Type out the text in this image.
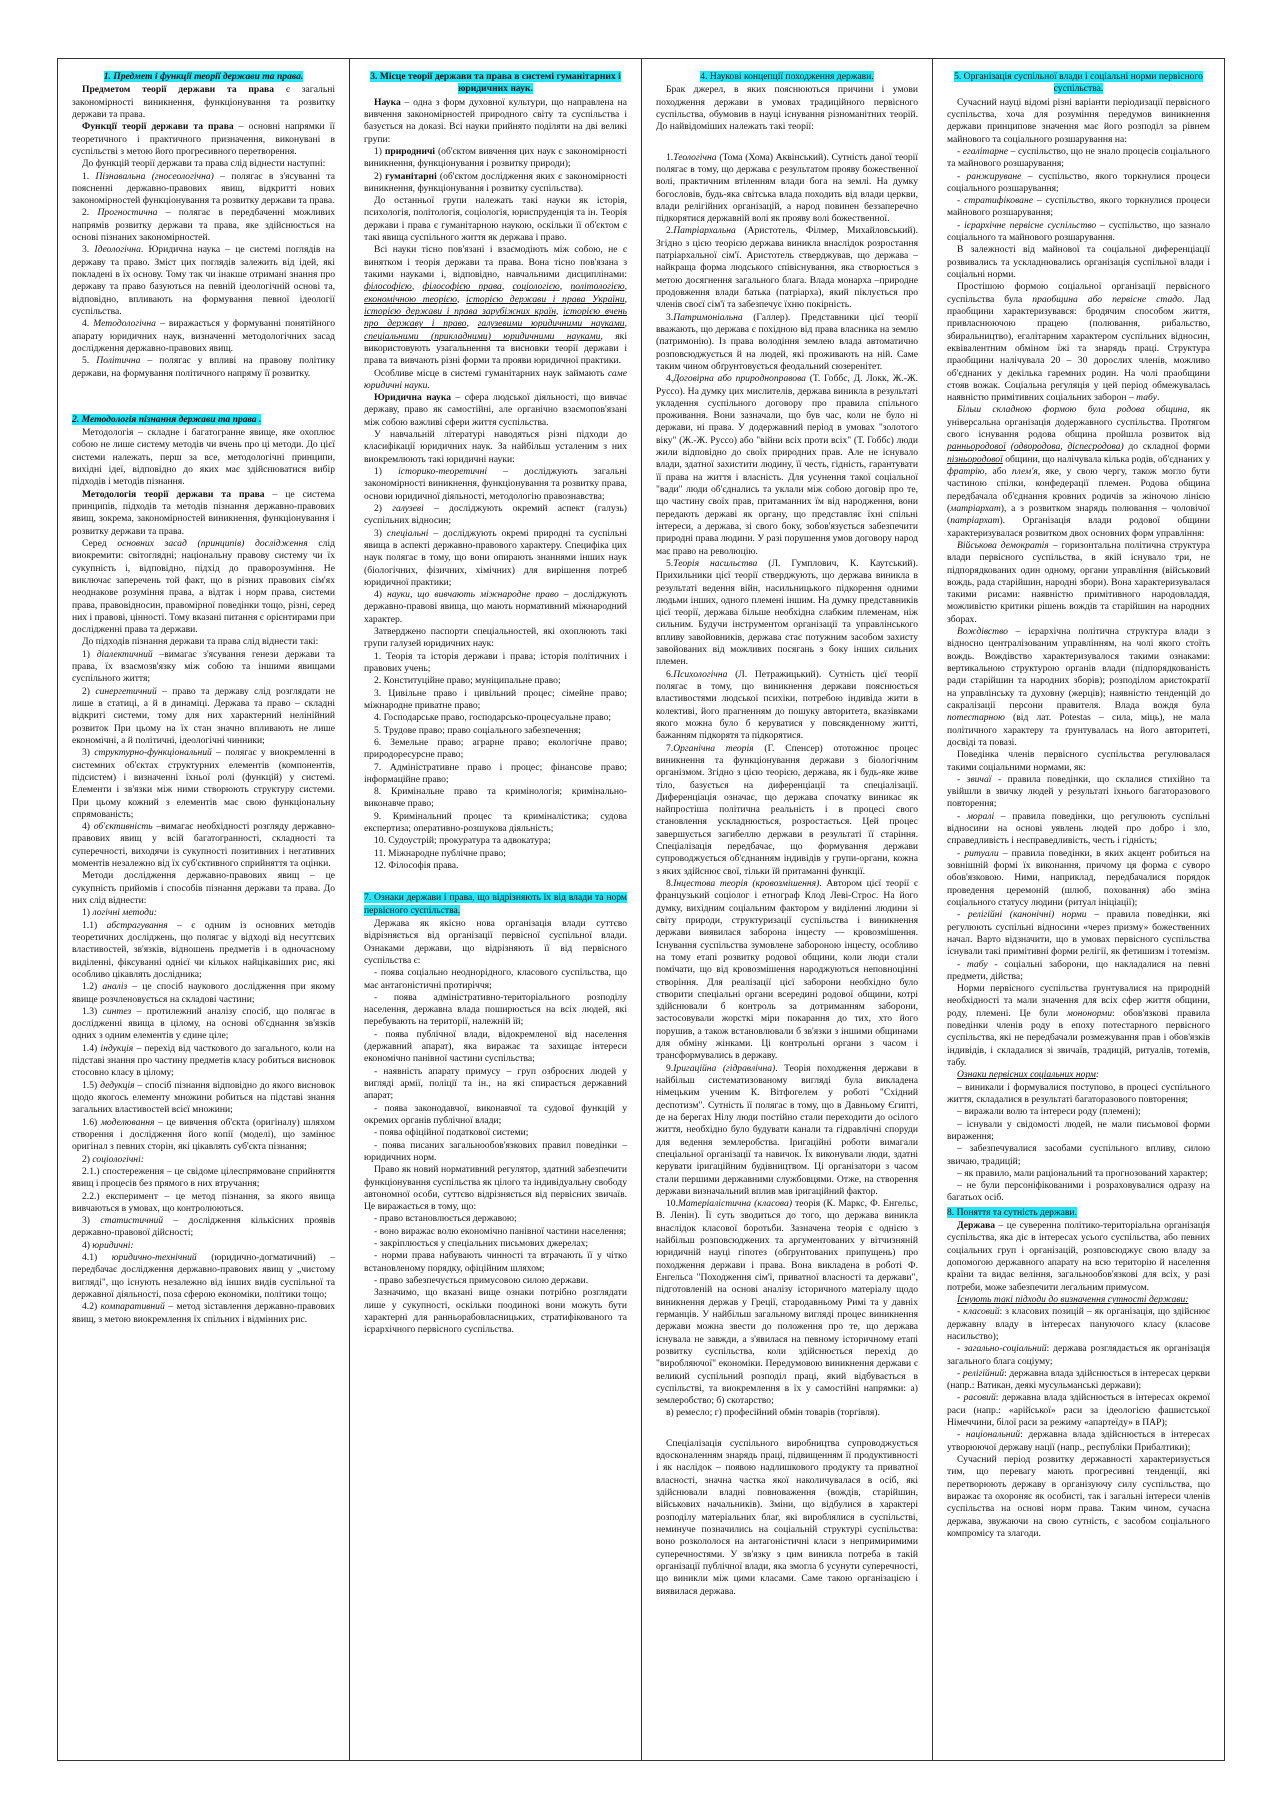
1. Предмет і функції теорії держави та права.

Предметом теорії держави та права є загальні закономірності виникнення, функціонування та розвитку держави та права.

Функції теорії держави та права – основні напрямки її теоретичного і практичного призначення, виконувані в суспільстві з метою його прогресивного перетворення.

До функцій теорії держави та права слід віднести наступні:

1. Пізнавальна (гносеологічна) – полягає в з'ясуванні та поясненні державно-правових явищ, відкритті нових закономірностей функціонування та розвитку держави та права.

2. Прогностична – полягає в передбаченні можливих напрямів розвитку держави та права, яке здійснюється на основі пізнаних закономірностей.

3. Ідеологічна. Юридична наука – це системі поглядів на державу та право. Зміст цих поглядів залежить від ідей, які покладені в їх основу. Тому так чи інакше отримані знання про державу та право базуються на певній ідеологічній основі та, відповідно, впливають на формування певної ідеології суспільства.

4. Методологічна – виражається у формуванні понятійного апарату юридичних наук, визначенні методологічних засад дослідження державно-правових явищ.

5. Політична – полягає у впливі на правову політику держави, на формування політичного напряму її розвитку.

2. Методологія пізнання держави та права .

Методологія – складне і багатогранне явище, яке охоплює собою не лише систему методів чи вчень про ці методи. До цієї системи належать, перш за все, методологічні принципи, вихідні ідеї, відповідно до яких має здійснюватися вибір підходів і методів пізнання.

Методологія теорії держави та права – це система принципів, підходів та методів пізнання державно-правових явищ, зокрема, закономірностей виникнення, функціонування і розвитку держави та права.

Серед основних засад (принципів) дослідження слід виокремити: світоглядні; національну правову систему чи їх сукупність і, відповідно, підхід до праворозуміння. Не виключає заперечень той факт, що в різних правових сім'ях неоднакове розуміння права, а відтак і норм права, системи права, правовідносин, правомірної поведінки тощо, різні, серед них і правові, цінності. Тому вказані питання є орієнтирами при дослідженні права та держави.

До підходів пізнання держави та права слід віднести такі:

1) діалектичний –вимагає з'ясування генези держави та права, їх взаємозв'язку між собою та іншими явищами суспільного життя;

2) синергетичний – право та державу слід розглядати не лише в статиці, а й в динаміці. Держава та право – складні відкриті системи, тому для них характерний нелінійний розвиток При цьому на їх стан значно впливають не лише економічні, а й політичні, ідеологічні чинники;

3) структурно-функціональний – полягає у виокремленні в системних об'єктах структурних елементів (компонентів, підсистем) і визначенні їхньої ролі (функцій) у системі. Елементи і зв'язки між ними створюють структуру системи. При цьому кожний з елементів має свою функціональну спрямованість;

4) об'єктивність –вимагає необхідності розгляду державно-правових явищ у всій багатогранності, складності та суперечності, виходячи із сукупності позитивних і негативних моментів незалежно від їх суб'єктивного сприйняття та оцінки.

Методи дослідження державно-правових явищ – це сукупність прийомів і способів пізнання держави та права. До них слід віднести:

1) логічні методи:

1.1) абстрагування – є одним із основних методів теоретичних досліджень, що полягає у відході від несуттєвих властивостей, зв'язків, відношень предметів і в одночасному виділенні, фіксуванні однієї чи кількох найцікавіших рис, які особливо цікавлять дослідника;

1.2) аналіз – це спосіб наукового дослідження при якому явище розчленовується на складові частини;

1.3) синтез – протилежний аналізу спосіб, що полягає в дослідженні явища в цілому, на основі об'єднання зв'язків одних з одним елементів у єдине ціле;

1.4) індукція – перехід від часткового до загального, коли на підставі знання про частину предметів класу робиться висновок стосовно класу в цілому;

1.5) дедукція – спосіб пізнання відповідно до якого висновок щодо якогось елементу множини робиться на підставі знання загальних властивостей всієї множини;

1.6) моделювання – це вивчення об'єкта (оригіналу) шляхом створення і дослідження його копії (моделі), що замінює оригінал з певних сторін, які цікавлять суб'єкта пізнання;

2) соціологічні:

2.1.) спостереження – це свідоме цілеспрямоване сприйняття явищ і процесів без прямого в них втручання;

2.2.) експеримент – це метод пізнання, за якого явища вивчаються в умовах, що контролюються.

3) статистичний – дослідження кількісних проявів державно-правової дійсності;

4) юридичні:

4.1) юридично-технічний (юридично-догматичний) – передбачає дослідження державно-правових явищ у „чистому вигляді", що існують незалежно від інших видів суспільної та державної діяльності, поза сферою економіки, політики тощо;

4.2) компаративний – метод зіставлення державно-правових явищ, з метою виокремлення їх спільних і відмінних рис.

3. Місце теорії держави та права в системі гуманітарних і юридичних наук.

Наука – одна з форм духовної культури, що направлена на вивчення закономірностей природного світу та суспільства і базується на доказі. Всі науки прийнято поділяти на дві великі групи:

1) природничі (об'єктом вивчення цих наук є закономірності виникнення, функціонування і розвитку природи);

2) гуманітарні (об'єктом дослідження яких є закономірності виникнення, функціонування і розвитку суспільства).

До останньої групи належать такі науки як історія, психологія, політологія, соціологія, юриспруденція та ін. Теорія держави і права є гуманітарною наукою, оскільки її об'єктом є такі явища суспільного життя як держава і право.

Всі науки тісно пов'язані і взаємодіють між собою, не є винятком і теорія держави та права. Вона тісно пов'язана з такими науками і, відповідно, навчальними дисциплінами: філософією, філософією права, соціологією, політологією, економічною теорією, історією держави і права України, історією держави і права зарубіжних країн, історією вчень про державу і право, галузевими юридичними науками, спеціальними (прикладними) юридичними науками, які використовують узагальнення та висновки теорії держави і права та вивчають різні форми та прояви юридичної практики.

Особливе місце в системі гуманітарних наук займають саме юридичні науки.

Юридична наука – сфера людської діяльності, що вивчає державу, право як самостійні, але органічно взаємопов'язані між собою важливі сфери життя суспільства.

У навчальній літературі наводяться різні підходи до класифікації юридичних наук. За найбільш усталеним з них виокремлюють такі юридичні науки:

1) історико-теоретичні – досліджують загальні закономірності виникнення, функціонування та розвитку права, основи юридичної діяльності, методологію правознавства;

2) галузеві – досліджують окремий аспект (галузь) суспільних відносин;

3) спеціальні – досліджують окремі природні та суспільні явища в аспекті державно-правового характеру. Специфіка цих наук полягає в тому, що вони опирають знаннями інших наук (біологічних, фізичних, хімічних) для вирішення потреб юридичної практики;

4) науки, що вивчають міжнародне право – досліджують державно-правові явища, що мають нормативний міжнародний характер.

Затверджено паспорти спеціальностей, які охоплюють такі групи галузей юридичних наук:

1. Теорія та історія держави і права; історія політичних і правових учень;

2. Конституційне право; муніципальне право;

3. Цивільне право і цивільний процес; сімейне право; міжнародне приватне право;

4. Господарське право, господарсько-процесуальне право;

5. Трудове право; право соціального забезпечення;

6. Земельне право; аграрне право; екологічне право; природоресурсне право;

7. Адміністративне право і процес; фінансове право; інформаційне право;

8. Кримінальне право та кримінологія; кримінально-виконавче право;

9. Кримінальний процес та криміналістика; судова експертиза; оперативно-розшукова діяльність;

10. Судоустрій; прокуратура та адвокатура;

11. Міжнародне публічне право;

12. Філософія права.

7. Ознаки держави і права, що відрізняють їх від влади та норм первісного суспільства.

Держава як якісно нова організація влади суттєво відрізняється від організації первісної суспільної влади. Ознаками держави, що відрізняють її від первісного суспільства є:

- поява соціально неоднорідного, класового суспільства, що має антагоністичні протиріччя;

- поява адміністративно-територіального розподілу населення, державна влада поширюється на всіх людей, які перебувають на території, належній їй;

- поява публічної влади, відокремленої від населення (державний апарат), яка виражає та захищає інтереси економічно панівної частини суспільства;

- наявність апарату примусу – груп озброєних людей у вигляді армії, поліції та ін., на які спирається державний апарат;

- поява законодавчої, виконавчої та судової функцій у окремих органів публічної влади;

- поява офіційної податкової системи;

- поява писаних загальнообов'язкових правил поведінки – юридичних норм.

Право як новий нормативний регулятор, здатний забезпечити функціонування суспільства як цілого та індивідуальну свободу автономної особи, суттєво відрізняється від первісних звичаїв. Це виражається в тому, що:

- право встановлюється державою;

- воно виражає волю економічно панівної частини населення;

- закріплюється у спеціальних письмових джерелах;

- норми права набувають чинності та втрачають її у чітко встановленому порядку, офіційним шляхом;

- право забезпечується примусовою силою держави.

Зазначимо, що вказані вище ознаки потрібно розглядати лише у сукупності, оскільки поодинокі вони можуть бути характерні для ранньорабовласницьких, стратифікованого та ієрархічного первісного суспільства.

4. Наукові концепції походження держави.

Брак джерел, в яких пояснюються причини і умови походження держави в умовах традиційного первісного суспільства, обумовив в науці існування різноманітних теорій. До найвідоміших належать такі теорії:

1.Теологічна (Тома (Хома) Аквінський). Сутність даної теорії полягає в тому, що держава є результатом прояву божественної волі, практичним втіленням влади бога на землі. На думку богословів, будь-яка світська влада походить від влади церкви, влади релігійних організацій, а народ повинен беззаперечно підкорятися державній волі як прояву волі божественної.

2.Патріархальна (Аристотель, Філмер, Михайловський). Згідно з цією теорією держава виникла внаслідок розростання патріархальної сім'ї. Аристотель стверджував, що держава – найкраща форма людського співіснування, яка створюється з метою досягнення загального блага. Влада монарха –природне продовження влади батька (патріарха), який піклується про членів своєї сім'ї та забезпечує їхню покірність.

3.Патримоніальна (Галлер). Представники цієї теорії вважають, що держава є похідною від права власника на землю (патримонію). Із права володіння землею влада автоматично розповсюджується й на людей, які проживають на ній. Саме таким чином обґрунтовується феодальний сюзеренітет.

4.Договірна або природноправова (Т. Гоббс, Д. Локк, Ж.-Ж. Руссо). На думку цих мислителів, держава виникла в результаті укладення суспільного договору про правила спільного проживання. Вони зазначали, що був час, коли не було ні держави, ні права. У додержавний період в умовах "золотого віку" (Ж.-Ж. Руссо) або "війни всіх проти всіх" (Т. Гоббс) люди жили відповідно до своїх природних прав. Але не існувало влади, здатної захистити людину, її честь, гідність, гарантувати її права на життя і власність. Для усунення такої соціальної "вади" люди об'єднались та уклали між собою договір про те, що частину своїх прав, притаманних їм від народження, вони передають державі як органу, що представляє їхні спільні інтереси, а держава, зі свого боку, зобов'язується забезпечити природні права людини. У разі порушення умов договору народ має право на революцію.

5.Теорія насильства (Л. Гумплович, К. Каутський). Прихильники цієї теорії стверджують, що держава виникла в результаті ведення війн, насильницького підкорення одними людьми інших, одного племені іншим. На думку представників цієї теорії, держава більше необхідна слабким племенам, ніж сильним. Будучи інструментом організації та управлінського впливу завойовників, держава стає потужним засобом захисту завойованих від можливих посягань з боку інших сильних племен.

6.Психологічна (Л. Петражицький). Сутність цієї теорії полягає в тому, що виникнення держави пояснюється властивостями людської психіки, потребою індивіда жити в колективі, його прагненням до пошуку авторитета, вказівками якого можна було б керуватися у повсякденному житті, бажанням підкорятя та підкорятися.

7.Органічна теорія (Г. Спенсер) ототожнює процес виникнення та функціонування держави з біологічним організмом. Згідно з цією теорією, держава, як і будь-яке живе тіло, базується на диференціації та спеціалізації. Диференціація означає, що держава спочатку виникає як найпростіша політична реальність і в процесі свого становлення ускладнюється, розростається. Цей процес завершується загибеллю держави в результаті її старіння. Спеціалізація передбачає, що формування держави супроводжується об'єднанням індивідів у групи-органи, кожна з яких здійснює свої, тільки їй притаманні функції.

8.Інцестова теорія (кровозмішення). Автором цієї теорії є французький соціолог і етнограф Клод Леві-Строс. На його думку, вихідним соціальним фактором у виділенні людини зі світу природи, структуризації суспільства і виникнення держави виявилася заборона інцесту — кровозмішення. Існування суспільства зумовлене забороною інцесту, особливо на тому етапі розвитку родової общини, коли люди стали помічати, що від кровозмішення народжуються неповноцінні створіння. Для реалізації цієї заборони необхідно було створити спеціальні органи всередині родової общини, котрі здійснювали б контроль за дотриманням заборони, застосовували жорсткі міри покарання до тих, хто його порушив, а також встановлювали б зв'язки з іншими общинами для обміну жінками. Ці контрольні органи з часом і трансформувались в державу.

9.Іригаційна (гідравлічна). Теорія походження держави в найбільш систематизованому вигляді була викладена німецьким ученим К. Вітфогелем у роботі "Східний деспотизм". Сутність її полягає в тому, що в Давньому Єгипті, де на берегах Нілу люди постійно стали переходити до осілого життя, необхідно було будувати канали та гідравлічні споруди для ведення землеробства. Іригаційні роботи вимагали спеціальної організації та навичок. Їх виконували люди, здатні керувати іригаційним будівництвом. Ці організатори з часом стали першими державними службовцями. Отже, на створення держави визначальний вплив мав іригаційний фактор.

10.Матеріалістична (класова) теорія (К. Маркс, Ф. Енгельс, В. Ленін). Її суть зводиться до того, що держава виникла внаслідок класової боротьби. Зазначена теорія є однією з найбільш розповсюджених та аргументованих у вітчизняній юридичній науці гіпотез (обґрунтованих припущень) про походження держави і права. Вона викладена в роботі Ф. Енгельса "Походження сім'ї, приватної власності та держави", підготовленій на основі аналізу історичного матеріалу щодо виникнення держав у Греції, стародавньому Римі та у давніх германців. У найбільш загальному вигляді процес виникнення держави можна звести до положення про те, що держава існувала не завжди, а з'явилася на певному історичному етапі розвитку суспільства, коли здійснюється перехід до "виробляючої" економіки. Передумовою виникнення держави є великий суспільний розподіл праці, який відбувається в суспільстві, та виокремлення в їх у самостійні напрямки: а) землеробство; б) скотарство;

в) ремесло; г) професійний обмін товарів (торгівля).

Спеціалізація суспільного виробництва супроводжується вдосконаленням знарядь праці, підвищенням її продуктивності і як наслідок – появою надлишкового продукту та приватної власності, значна частка якої наколичувалася в осіб, які здійснювали владні повноваження (вождів, старійшин, військових начальників). Зміни, що відбулися в характері розподілу матеріальних благ, які вироблялися в суспільстві, неминуче позначились на соціальній структурі суспільства: воно розкололося на антагоністичні класи з непримиримими суперечностями. У зв'язку з цим виникла потреба в такій організації публічної влади, яка змогла б усунути суперечності, що виникли між цими класами. Саме такою організацією і виявилася держава.

5. Організація суспільної влади і соціальні норми первісного суспільства.

Сучасний науці відомі різні варіанти періодизації первісного суспільства, хоча для розуміння передумов виникнення держави принципове значення має його розподіл за рівнем майнового та соціального розшарування на:

- егалітарне – суспільство, що не знало процесів соціального та майнового розшарування;

- ранжируване – суспільство, якого торкнулися процеси соціального розшарування;

- стратифіковане – суспільство, якого торкнулися процеси майнового розшарування;

- ієрархічне первісне суспільство – суспільство, що зазнало соціального та майнового розшарування.

В залежності від майнової та соціальної диференціації розвивались та ускладнювались організація суспільної влади і соціальні норми.

Простішою формою соціальної організації первісного суспільства була праобщина або первісне стадо. Лад праобщини характеризувався: бродячим способом життя, привласнюючою працею (полювання, рибальство, збиральництво), егалітарним характером суспільних відносин, еквівалентним обміном їжі та знарядь праці. Структура праобщини налічувала 20 – 30 дорослих членів, можливо об'єднаних у декілька гаремних родин. На чолі праобщини стояв вожак. Соціальна регуляція у цей період обмежувалась наявністю примітивних соціальних заборон – табу.

Більш складною формою була родова община, як універсальна організація додержавного суспільства. Протягом свого існування родова община пройшла розвиток від ранньородової (одвородова, діспесродова) до складної форми пізньородової общини, що налічувала кілька родів, об'єднаних у фратрію, або плем'я, яке, у свою чергу, також могло бути частиною спілки, конфедерації племен. Родова община передбачала об'єднання кровних родичів за жіночою лінією (матріархат), а з розвитком знарядь полювання – чоловічої (патріархат). Організація влади родової общини характеризувалася розвитком двох основних форм управління:

Військова демократія – горизонтальна політична структура влади первісного суспільства, в якій існувало три, не підпорядкованих один одному, органи управління (військовий вождь, рада старійшин, народні збори). Вона характеризувалася такими рисами: наявністю примітивного народовладдя, можливістю критики рішень вождів та старійшин на народних зборах.

Вождівство – ієрархічна політична структура влади з відносно централізованим управлінням, на чолі якого стоїть вождь. Вождівство характеризувалося такими ознаками: вертикальною структурою органів влади (підпорядкованість ради старійшин та народних зборів); розподілом аристократії на управлінську та духовну (жерців); наявністю тенденцій до сакралізації персони правителя. Влада вождя була потестарною (від лат. Potestas – сила, міць), не мала політичного характеру та ґрунтувалась на його авторитеті, досвіді та повазі.

Поведінка членів первісного суспільства регулювалася такими соціальними нормами, як:

- звичаї - правила поведінки, що склалися стихійно та увійшли в звичку людей у результаті їхнього багаторазового повторення;

- моралі – правила поведінки, що регулюють суспільні відносини на основі уявлень людей про добро і зло, справедливість і несправедливість, честь і гідність;

- ритуали – правила поведінки, в яких акцент робиться на зовнішній формі їх виконання, причому ця форма є суворо обов'язковою. Ними, наприклад, передбачалися порядок проведення церемоній (шлюб, поховання) або зміна соціального статусу людини (ритуал ініціації);

- релігійні (канонічні) норми – правила поведінки, які регулюють суспільні відносини «через призму» божественних начал. Варто відзначити, що в умовах первісного суспільства існували такі примітивні форми релігії, як фетишизм і тотемізм.

- табу - соціальні заборони, що накладалися на певні предмети, дійства;

Норми первісного суспільства ґрунтувалися на природній необхідності та мали значення для всіх сфер життя общини, роду, племені. Це були мононорми: обов'язкові правила поведінки членів роду в епоху потестарного первісного суспільства, які не передбачали розмежування прав і обов'язків індивідів, і складалися зі звичаїв, традицій, ритуалів, тотемів, табу.

Ознаки первісних соціальних норм:

– виникали і формувалися поступово, в процесі суспільного життя, складалися в результаті багаторазового повторення;

– виражали волю та інтереси роду (племені);

– існували у свідомості людей, не мали письмової форми вираження;

– забезпечувалися засобами суспільного впливу, силою звичаю, традицій;

– як правило, мали раціональний та прогнозований характер;

– не були персоніфікованими і розраховувалися одразу на багатьох осіб.

8. Поняття та сутність держави.

Держава – це суверенна політико-територіальна організація суспільства, яка діє в інтересах усього суспільства, або певних соціальних груп і організацій, розповсюджує свою владу за допомогою державного апарату на всю територію й населення країни та видає веління, загальнообов'язкові для всіх, у разі потреби, може забезпечити легальним примусом.

Існують такі підходи до визначення сутності держави:

- класовий: з класових позицій – як організація, що здійснює державну владу в інтересах пануючого класу (класове насильство);

- загально-соціальний: держава розглядається як організація загального блага соціуму;

- релігійний: державна влада здійснюється в інтересах церкви (напр.: Ватикан, деякі мусульманські держави);

- расовий: державна влада здійснюється в інтересах окремої раси (напр.: «арійської» раси за ідеологією фашистської Німеччини, білої раси за режиму «апартеїду» в ПАР);

- національний: державна влада здійснюється в інтересах утворюючої державу нації (напр., республіки Прибалтики);

Сучасний період розвитку державності характеризується тим, що перевагу мають прогресивні тенденції, які перетворюють державу в організуючу силу суспільства, що виражає та охороняє як особисті, так і загальні інтереси членів суспільства на основі норм права. Таким чином, сучасна держава, звужаючи на свою сутність, є засобом соціального компромісу та злагоди.
